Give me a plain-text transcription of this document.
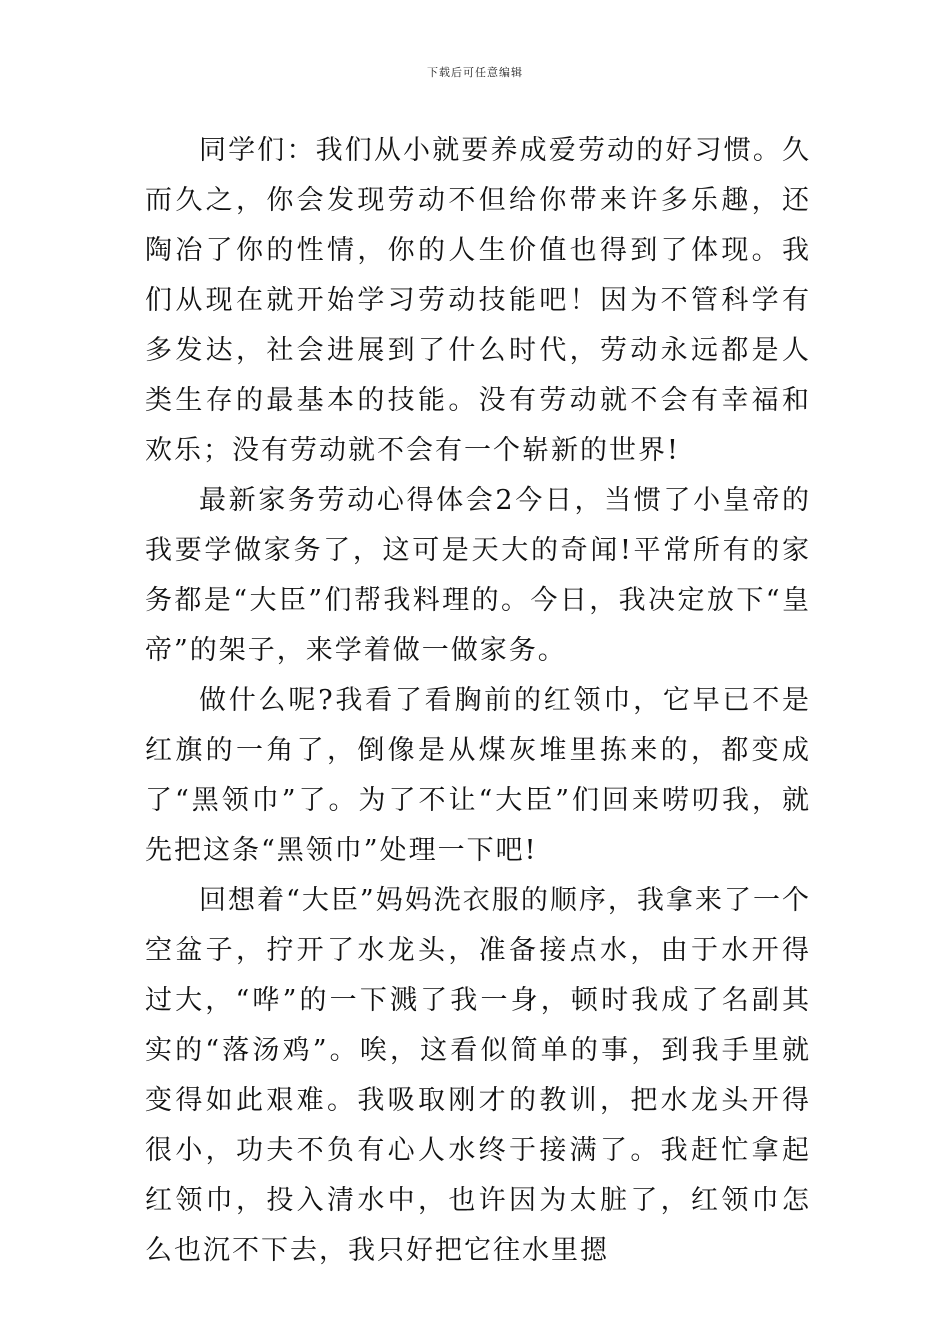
下载后可任意编辑

同学们：我们从小就要养成爱劳动的好习惯。久而久之，你会发现劳动不但给你带来许多乐趣，还陶冶了你的性情，你的人生价值也得到了体现。我们从现在就开始学习劳动技能吧！因为不管科学有多发达，社会进展到了什么时代，劳动永远都是人类生存的最基本的技能。没有劳动就不会有幸福和欢乐；没有劳动就不会有一个崭新的世界!

最新家务劳动心得体会2今日，当惯了小皇帝的我要学做家务了，这可是天大的奇闻!平常所有的家务都是“大臣”们帮我料理的。今日，我决定放下“皇帝”的架子，来学着做一做家务。

做什么呢?我看了看胸前的红领巾，它早已不是红旗的一角了，倒像是从煤灰堆里拣来的，都变成了“黑领巾”了。为了不让“大臣”们回来唠叨我，就先把这条“黑领巾”处理一下吧!

回想着“大臣”妈妈洗衣服的顺序，我拿来了一个空盆子，拧开了水龙头，准备接点水，由于水开得过大，“哗”的一下溅了我一身，顿时我成了名副其实的“落汤鸡”。唉，这看似简单的事，到我手里就变得如此艰难。我吸取刚才的教训，把水龙头开得很小，功夫不负有心人水终于接满了。我赶忙拿起红领巾，投入清水中，也许因为太脏了，红领巾怎么也沉不下去，我只好把它往水里摁
